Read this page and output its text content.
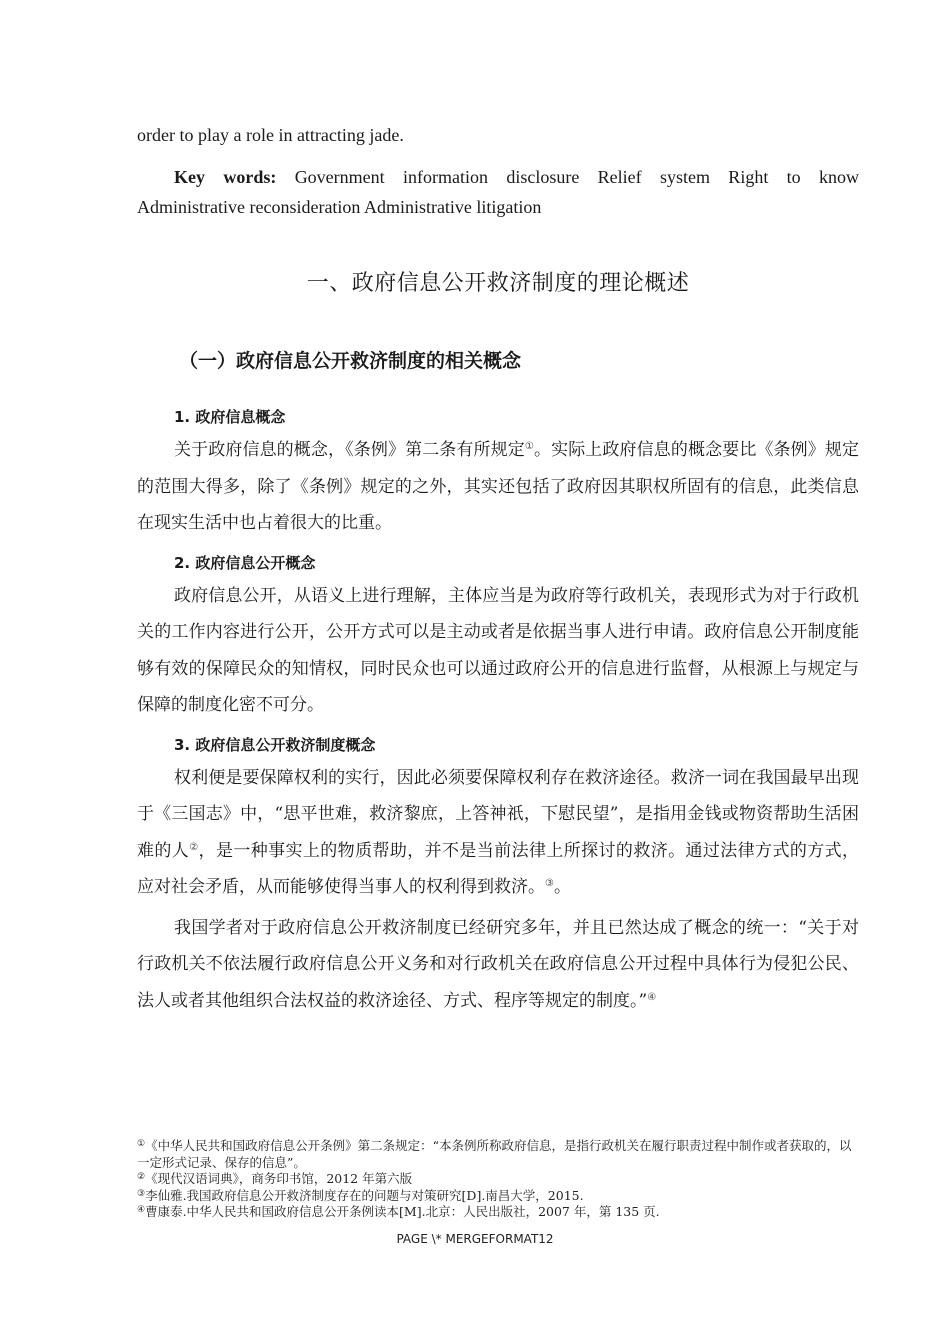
order to play a role in attracting jade.

Key words: Government information disclosure Relief system Right to know

Administrative reconsideration Administrative litigation

一、政府信息公开救济制度的理论概述
（一）政府信息公开救济制度的相关概念
1. 政府信息概念

关于政府信息的概念，《条例》第二条有所规定①。实际上政府信息的概念要比《条例》规定的范围大得多，除了《条例》规定的之外，其实还包括了政府因其职权所固有的信息，此类信息在现实生活中也占着很大的比重。

2. 政府信息公开概念

政府信息公开，从语义上进行理解，主体应当是为政府等行政机关，表现形式为对于行政机关的工作内容进行公开，公开方式可以是主动或者是依据当事人进行申请。政府信息公开制度能够有效的保障民众的知情权，同时民众也可以通过政府公开的信息进行监督，从根源上与规定与保障的制度化密不可分。

3. 政府信息公开救济制度概念

权利便是要保障权利的实行，因此必须要保障权利存在救济途径。救济一词在我国最早出现于《三国志》中，“思平世难，救济黎庶，上答神祇，下慰民望”，是指用金钱或物资帮助生活困难的人②，是一种事实上的物质帮助，并不是当前法律上所探讨的救济。通过法律方式的方式，应对社会矛盾，从而能够使得当事人的权利得到救济。③。

我国学者对于政府信息公开救济制度已经研究多年，并且已然达成了概念的统一：“关于对行政机关不依法履行政府信息公开义务和对行政机关在政府信息公开过程中具体行为侵犯公民、法人或者其他组织合法权益的救济途径、方式、程序等规定的制度。”④

①《中华人民共和国政府信息公开条例》第二条规定：“本条例所称政府信息，是指行政机关在履行职责过程中制作或者获取的，以一定形式记录、保存的信息”。

②《现代汉语词典》，商务印书馆，2012 年第六版

③李仙雅.我国政府信息公开救济制度存在的问题与对策研究[D].南昌大学，2015.

④曹康泰.中华人民共和国政府信息公开条例读本[M].北京：人民出版社，2007 年，第 135 页.

PAGE \* MERGEFORMAT12
